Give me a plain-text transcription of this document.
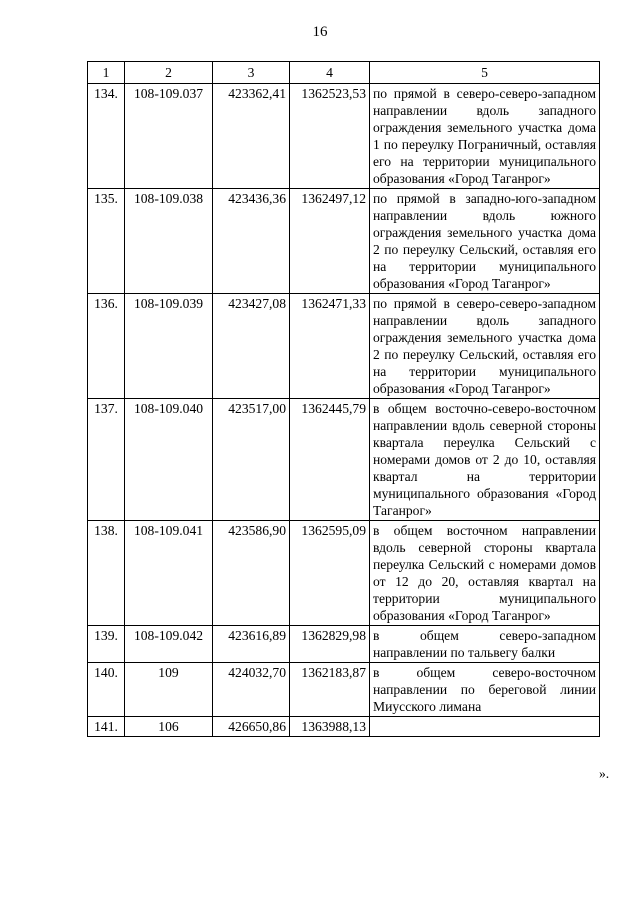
16
1	2	3	4	5
134.	108-109.037	423362,41	1362523,53	по прямой в северо-северо-западном направлении вдоль западного ограждения земельного участка дома 1 по переулку Пограничный, оставляя его на территории муниципального образования «Город Таганрог»
135.	108-109.038	423436,36	1362497,12	по прямой в западно-юго-западном направлении вдоль южного ограждения земельного участка дома 2 по переулку Сельский, оставляя его на территории муниципального образования «Город Таганрог»
136.	108-109.039	423427,08	1362471,33	по прямой в северо-северо-западном направлении вдоль западного ограждения земельного участка дома 2 по переулку Сельский, оставляя его на территории муниципального образования «Город Таганрог»
137.	108-109.040	423517,00	1362445,79	в общем восточно-северо-восточном направлении вдоль северной стороны квартала переулка Сельский с номерами домов от 2 до 10, оставляя квартал на территории муниципального образования «Город Таганрог»
138.	108-109.041	423586,90	1362595,09	в общем восточном направлении вдоль северной стороны квартала переулка Сельский с номерами домов от 12 до 20, оставляя квартал на территории муниципального образования «Город Таганрог»
139.	108-109.042	423616,89	1362829,98	в общем северо-западном направлении по тальвегу балки
140.	109	424032,70	1362183,87	в общем северо-восточном направлении по береговой линии Миусского лимана
141.	106	426650,86	1363988,13	
».
